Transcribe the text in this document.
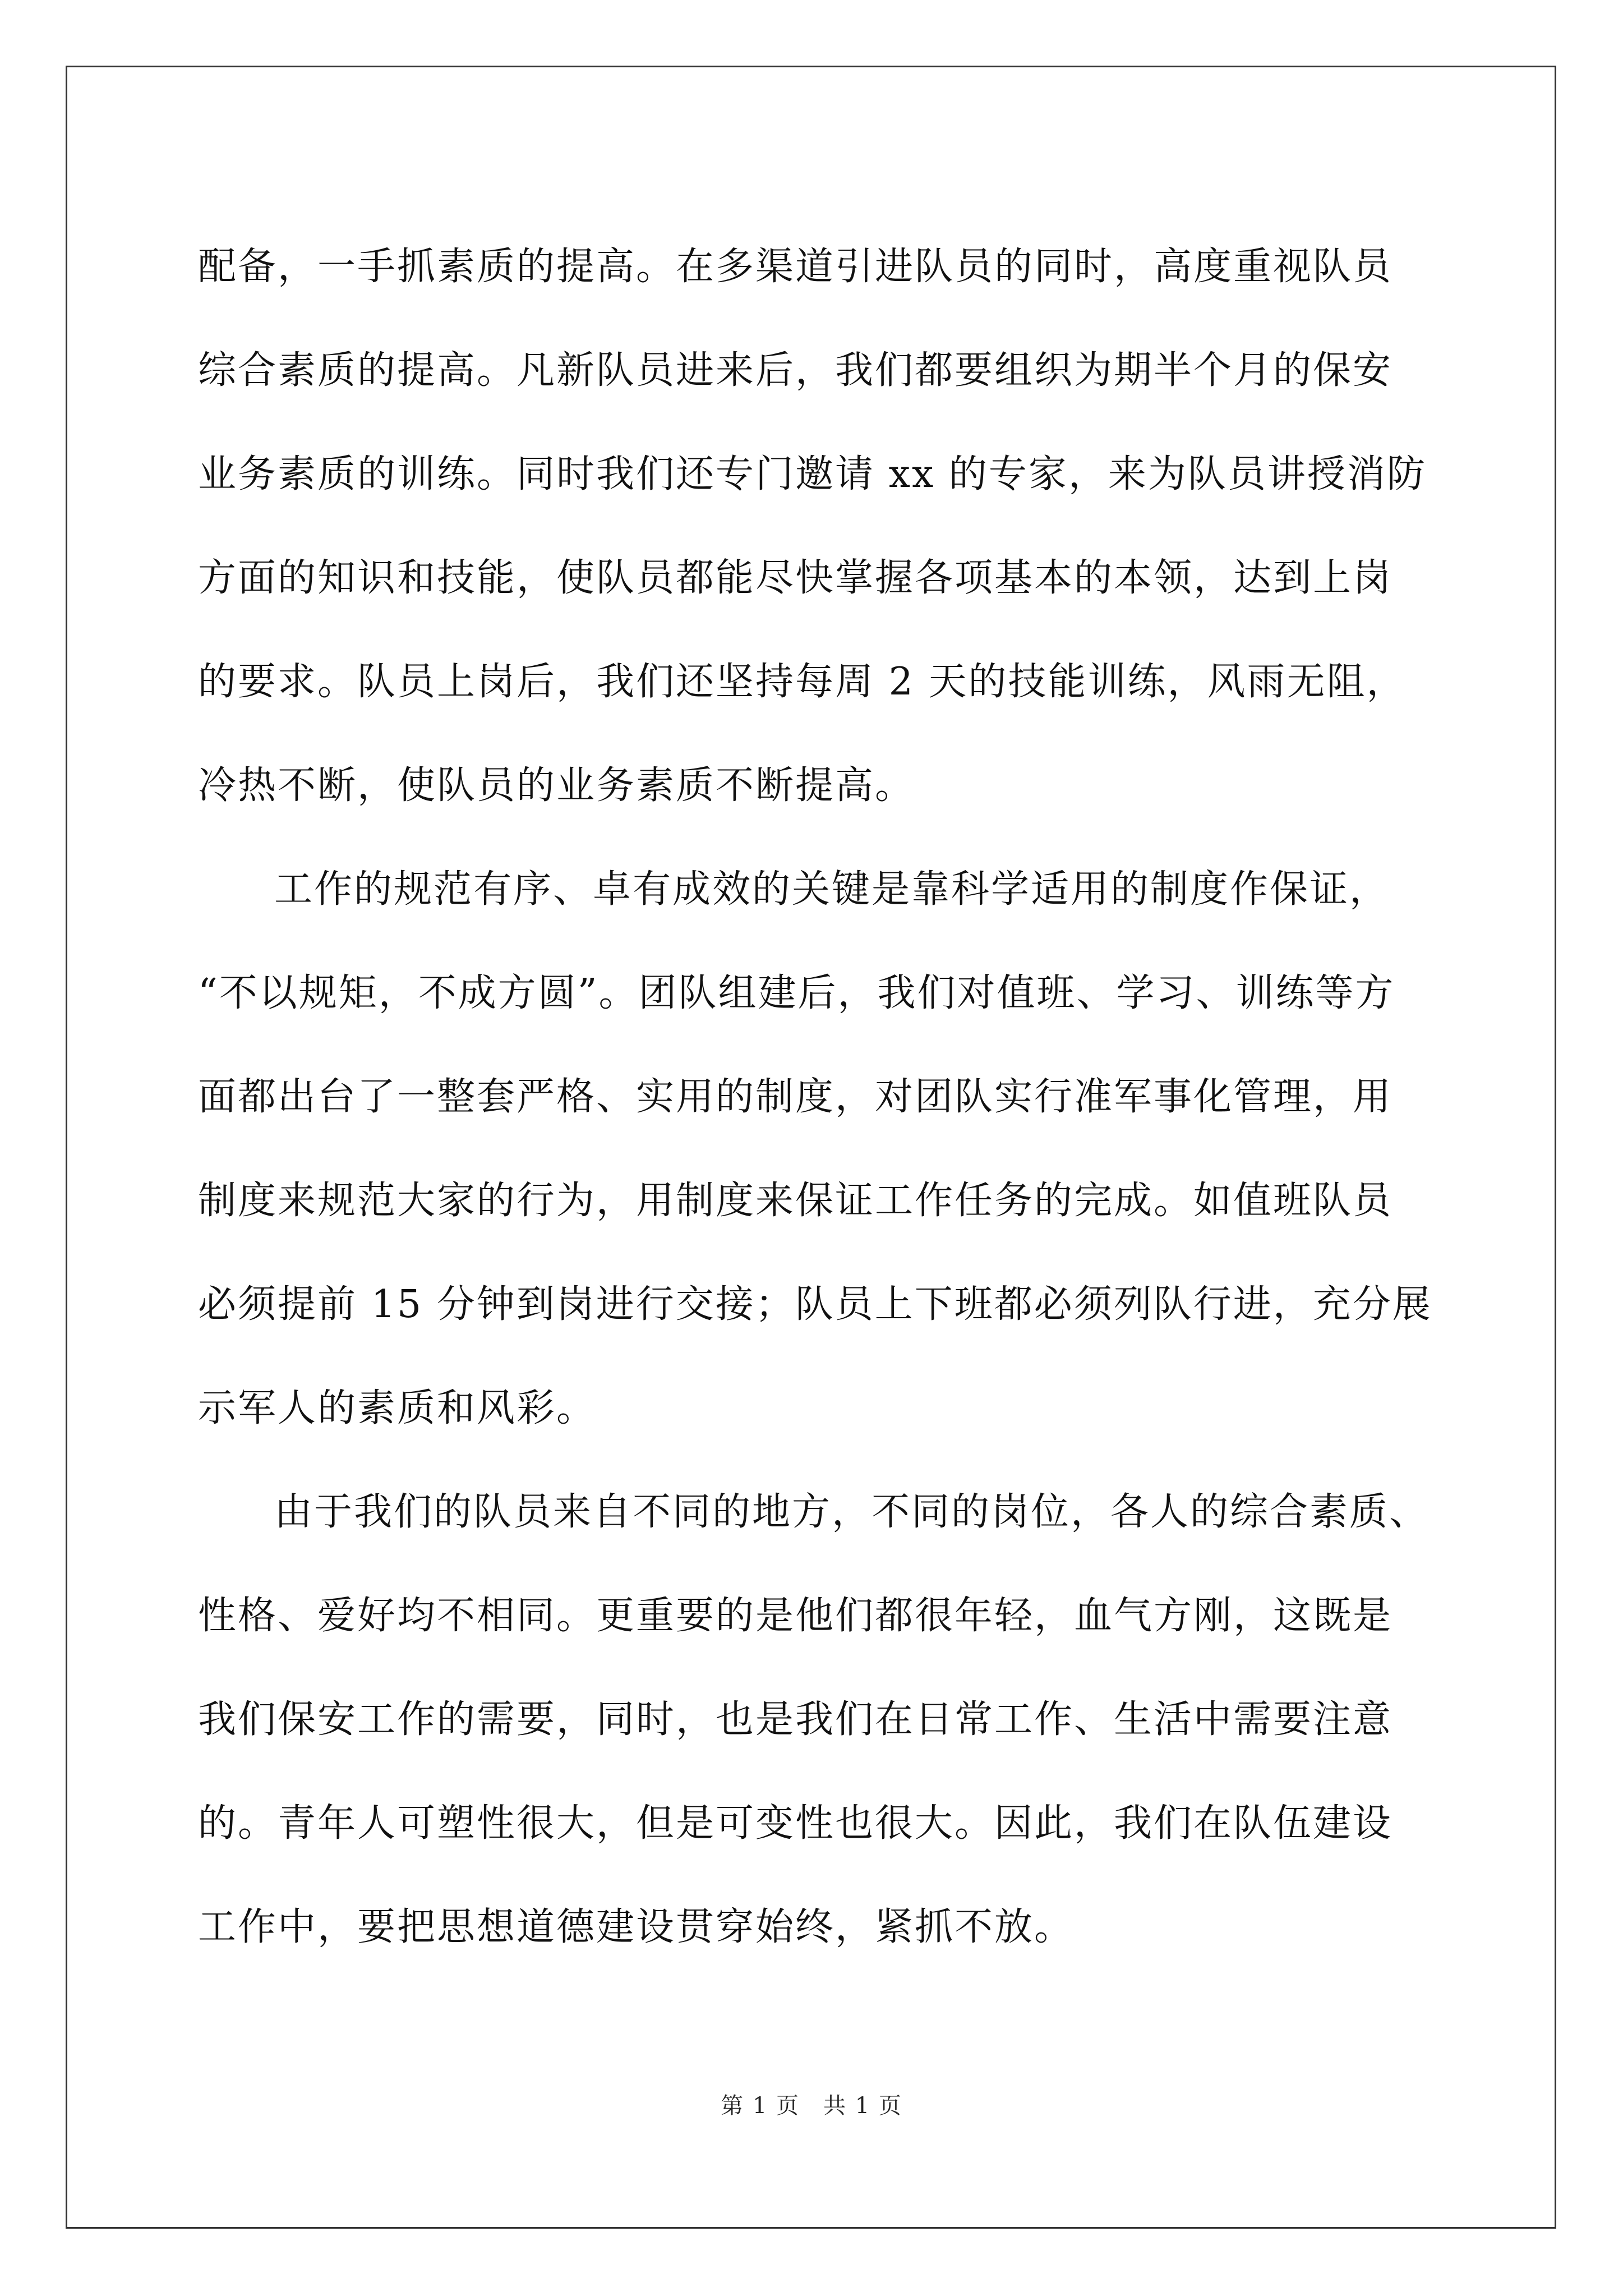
配备，一手抓素质的提高。在多渠道引进队员的同时，高度重视队员
综合素质的提高。凡新队员进来后，我们都要组织为期半个月的保安
业务素质的训练。同时我们还专门邀请 xx 的专家，来为队员讲授消防
方面的知识和技能，使队员都能尽快掌握各项基本的本领，达到上岗
的要求。队员上岗后，我们还坚持每周 2 天的技能训练，风雨无阻，
冷热不断，使队员的业务素质不断提高。

工作的规范有序、卓有成效的关键是靠科学适用的制度作保证，
“不以规矩，不成方圆”。团队组建后，我们对值班、学习、训练等方
面都出台了一整套严格、实用的制度，对团队实行准军事化管理，用
制度来规范大家的行为，用制度来保证工作任务的完成。如值班队员
必须提前 15 分钟到岗进行交接；队员上下班都必须列队行进，充分展
示军人的素质和风彩。

由于我们的队员来自不同的地方，不同的岗位，各人的综合素质、
性格、爱好均不相同。更重要的是他们都很年轻，血气方刚，这既是
我们保安工作的需要，同时，也是我们在日常工作、生活中需要注意
的。青年人可塑性很大，但是可变性也很大。因此，我们在队伍建设
工作中，要把思想道德建设贯穿始终，紧抓不放。

第 1 页　共 1 页
